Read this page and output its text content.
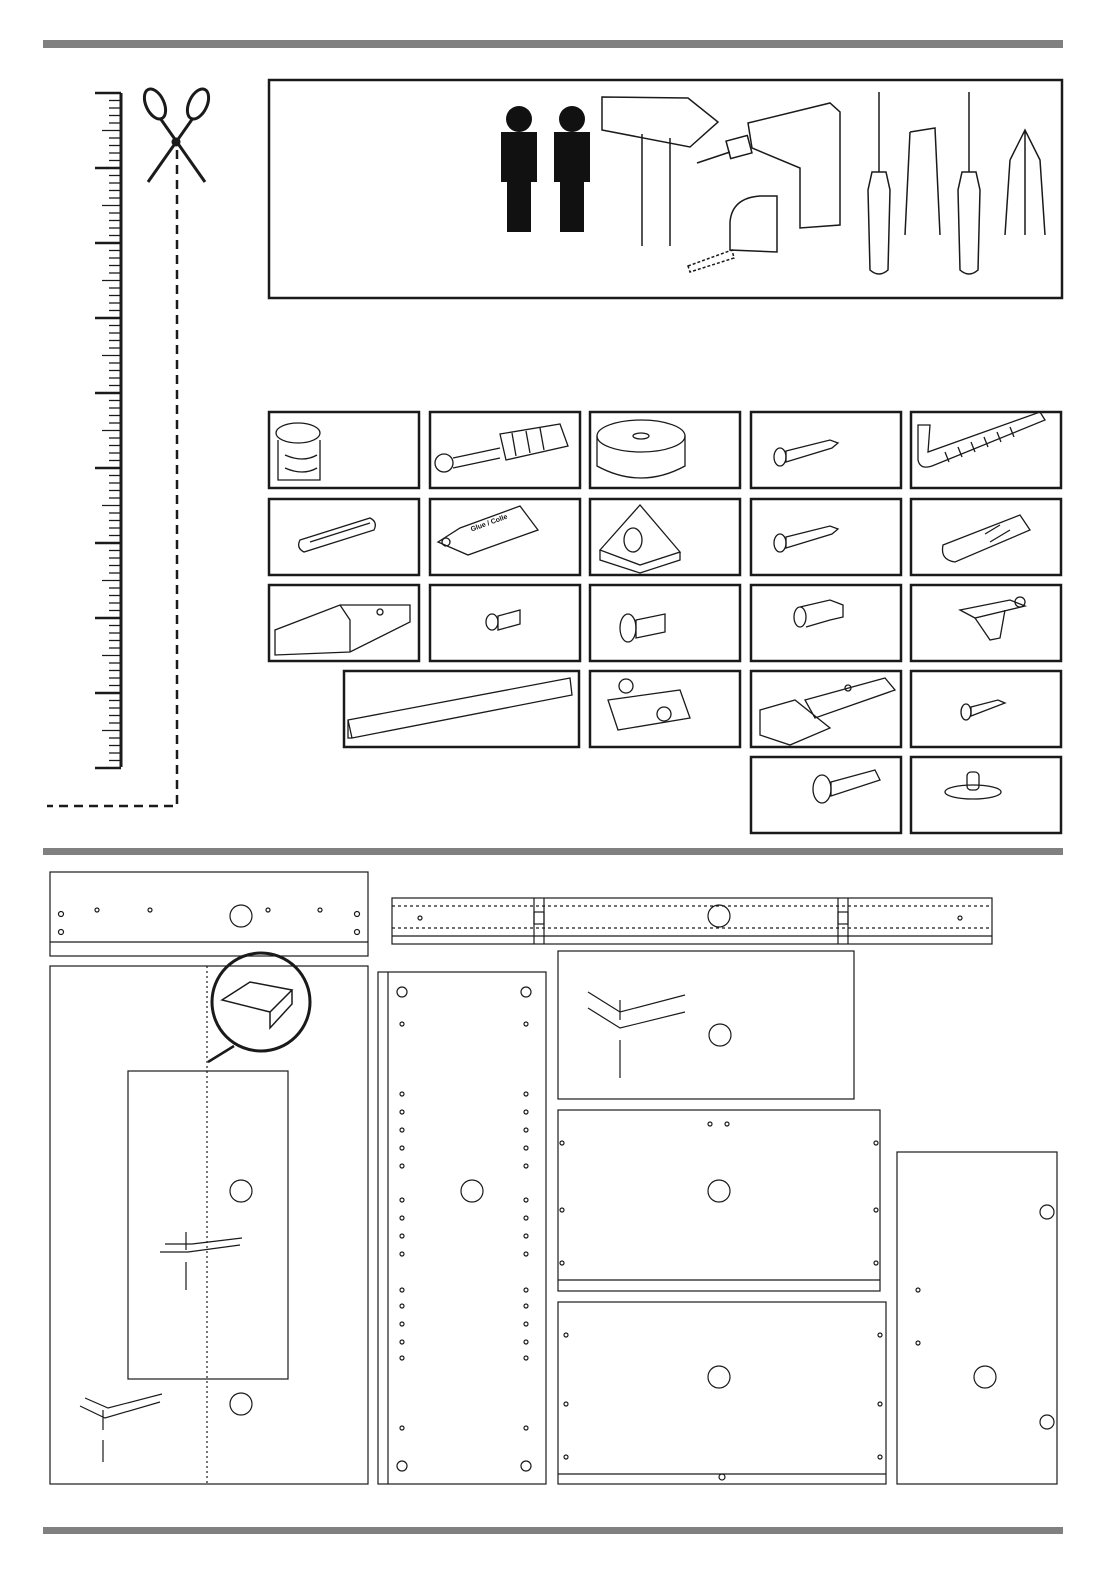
Glue / Colle
